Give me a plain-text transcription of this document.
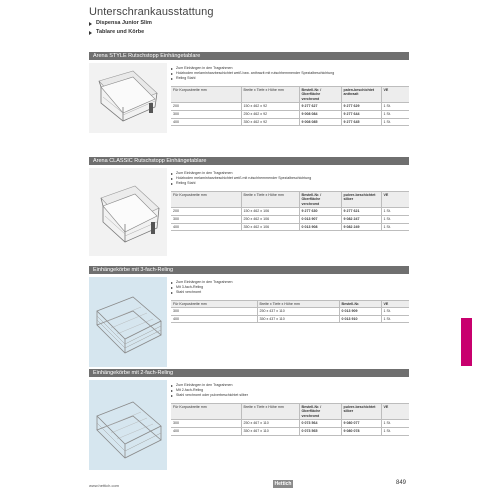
Unterschrankausstattung
Dispensa Junior Slim
Tablare und Körbe
Arena STYLE Rutschstopp Einhängetablare
Zum Einhängen in den Tragrahmen
Holzboden melaminharzbeschichtet weiß bzw. anthrazit mit rutschhemmender Spezialbeschichtung
Reling Stahl
Für Korpusbreite mm	Breite x Tiefe x Höhe mm	Bestell-Nr. / Oberfläche verchromt	palen-beschichtet anthrazit	VE
200	150 x 462 x 92	9 277 627	9 277 629	1 St.
300	250 x 462 x 92	9 008 084	9 277 644	1 St.
400	350 x 462 x 92	9 008 085	9 277 645	1 St.
Arena CLASSIC Rutschstopp Einhängetablare
Zum Einhängen in den Tragrahmen
Holzboden melaminharzbeschichtet weiß mit rutschhemmender Spezialbeschichtung
Reling Stahl
Für Korpusbreite mm	Breite x Tiefe x Höhe mm	Bestell-Nr. / Oberfläche verchromt	pulver-beschichtet silber	VE
200	150 x 462 x 106	9 277 630	9 277 621	1 St.
300	250 x 462 x 106	0 013 907	9 082 247	1 St.
400	350 x 462 x 106	0 013 908	9 082 249	1 St.
Einhängekörbe mit 3-fach-Reling
Zum Einhängen in den Tragrahmen
Mit 3-fach-Reling
Stahl verchromt
Für Korpusbreite mm	Breite x Tiefe x Höhe mm	Bestell-Nr.	VE
300	250 x 437 x 110	0 013 909	1 St.
400	350 x 437 x 110	0 013 910	1 St.
Einhängekörbe mit 2-fach-Reling
Zum Einhängen in den Tragrahmen
Mit 2-fach-Reling
Stahl verchromt oder pulverbeschichtet silber
Für Korpusbreite mm	Breite x Tiefe x Höhe mm	Bestell-Nr. / Oberfläche verchromt	pulver-beschichtet silber	VE
300	250 x 467 x 110	0 073 564	9 080 077	1 St.
400	350 x 467 x 110	0 073 565	9 080 078	1 St.
www.hettich.com	Hettich	849
